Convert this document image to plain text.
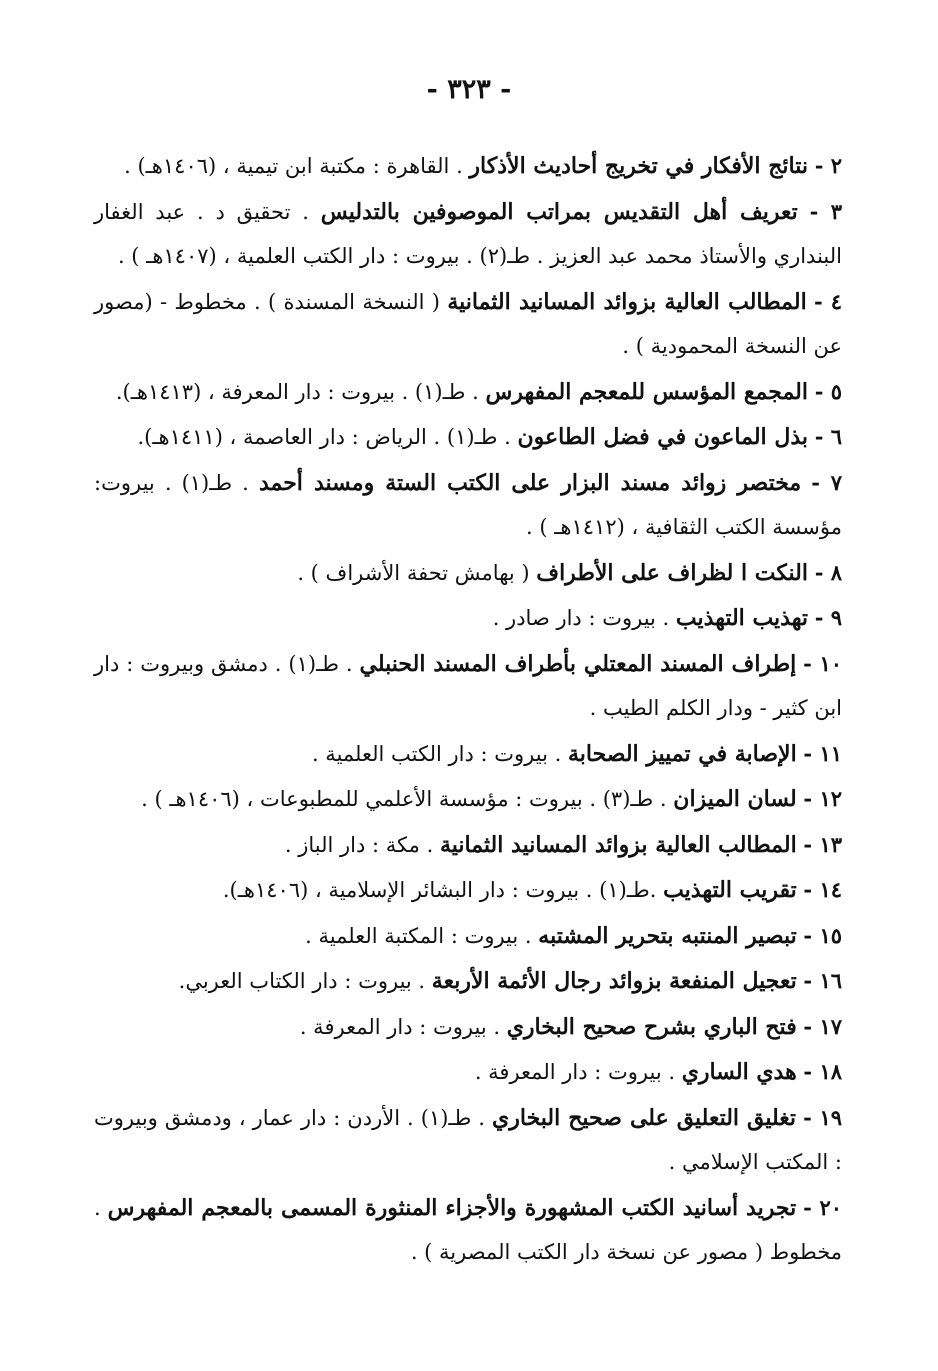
- ٣٢٣ -
٢ - نتائج الأفكار في تخريج أحاديث الأذكار . القاهرة : مكتبة ابن تيمية ، (١٤٠٦هـ) .
٣ - تعريف أهل التقديس بمراتب الموصوفين بالتدليس . تحقيق د . عبد الغفار البنداري والأستاذ محمد عبد العزيز . طـ(٢) . بيروت : دار الكتب العلمية ، (١٤٠٧هـ ) .
٤ - المطالب العالية بزوائد المسانيد الثمانية ( النسخة المسندة ) . مخطوط - (مصور عن النسخة المحمودية ) .
٥ - المجمع المؤسس للمعجم المفهرس . طـ(١) . بيروت : دار المعرفة ، (١٤١٣هـ).
٦ - بذل الماعون في فضل الطاعون . طـ(١) . الرياض : دار العاصمة ، (١٤١١هـ).
٧ - مختصر زوائد مسند البزار على الكتب الستة ومسند أحمد . طـ(١) . بيروت: مؤسسة الكتب الثقافية ، (١٤١٢هـ ) .
٨ - النكت ا لظراف على الأطراف ( بهامش تحفة الأشراف ) .
٩ - تهذيب التهذيب . بيروت : دار صادر .
١٠ - إطراف المسند المعتلي بأطراف المسند الحنبلي . طـ(١) . دمشق وبيروت : دار ابن كثير - ودار الكلم الطيب .
١١ - الإصابة في تمييز الصحابة . بيروت : دار الكتب العلمية .
١٢ - لسان الميزان . طـ(٣) . بيروت : مؤسسة الأعلمي للمطبوعات ، (١٤٠٦هـ ) .
١٣ - المطالب العالية بزوائد المسانيد الثمانية . مكة : دار الباز .
١٤ - تقريب التهذيب .طـ(١) . بيروت : دار البشائر الإسلامية ، (١٤٠٦هـ).
١٥ - تبصير المنتبه بتحرير المشتبه . بيروت : المكتبة العلمية .
١٦ - تعجيل المنفعة بزوائد رجال الأئمة الأربعة . بيروت : دار الكتاب العربي.
١٧ - فتح الباري بشرح صحيح البخاري . بيروت : دار المعرفة .
١٨ - هدي الساري . بيروت : دار المعرفة .
١٩ - تغليق التعليق على صحيح البخاري . طـ(١) . الأردن : دار عمار ، ودمشق وبيروت : المكتب الإسلامي .
٢٠ - تجريد أسانيد الكتب المشهورة والأجزاء المنثورة المسمى بالمعجم المفهرس . مخطوط ( مصور عن نسخة دار الكتب المصرية ) .
